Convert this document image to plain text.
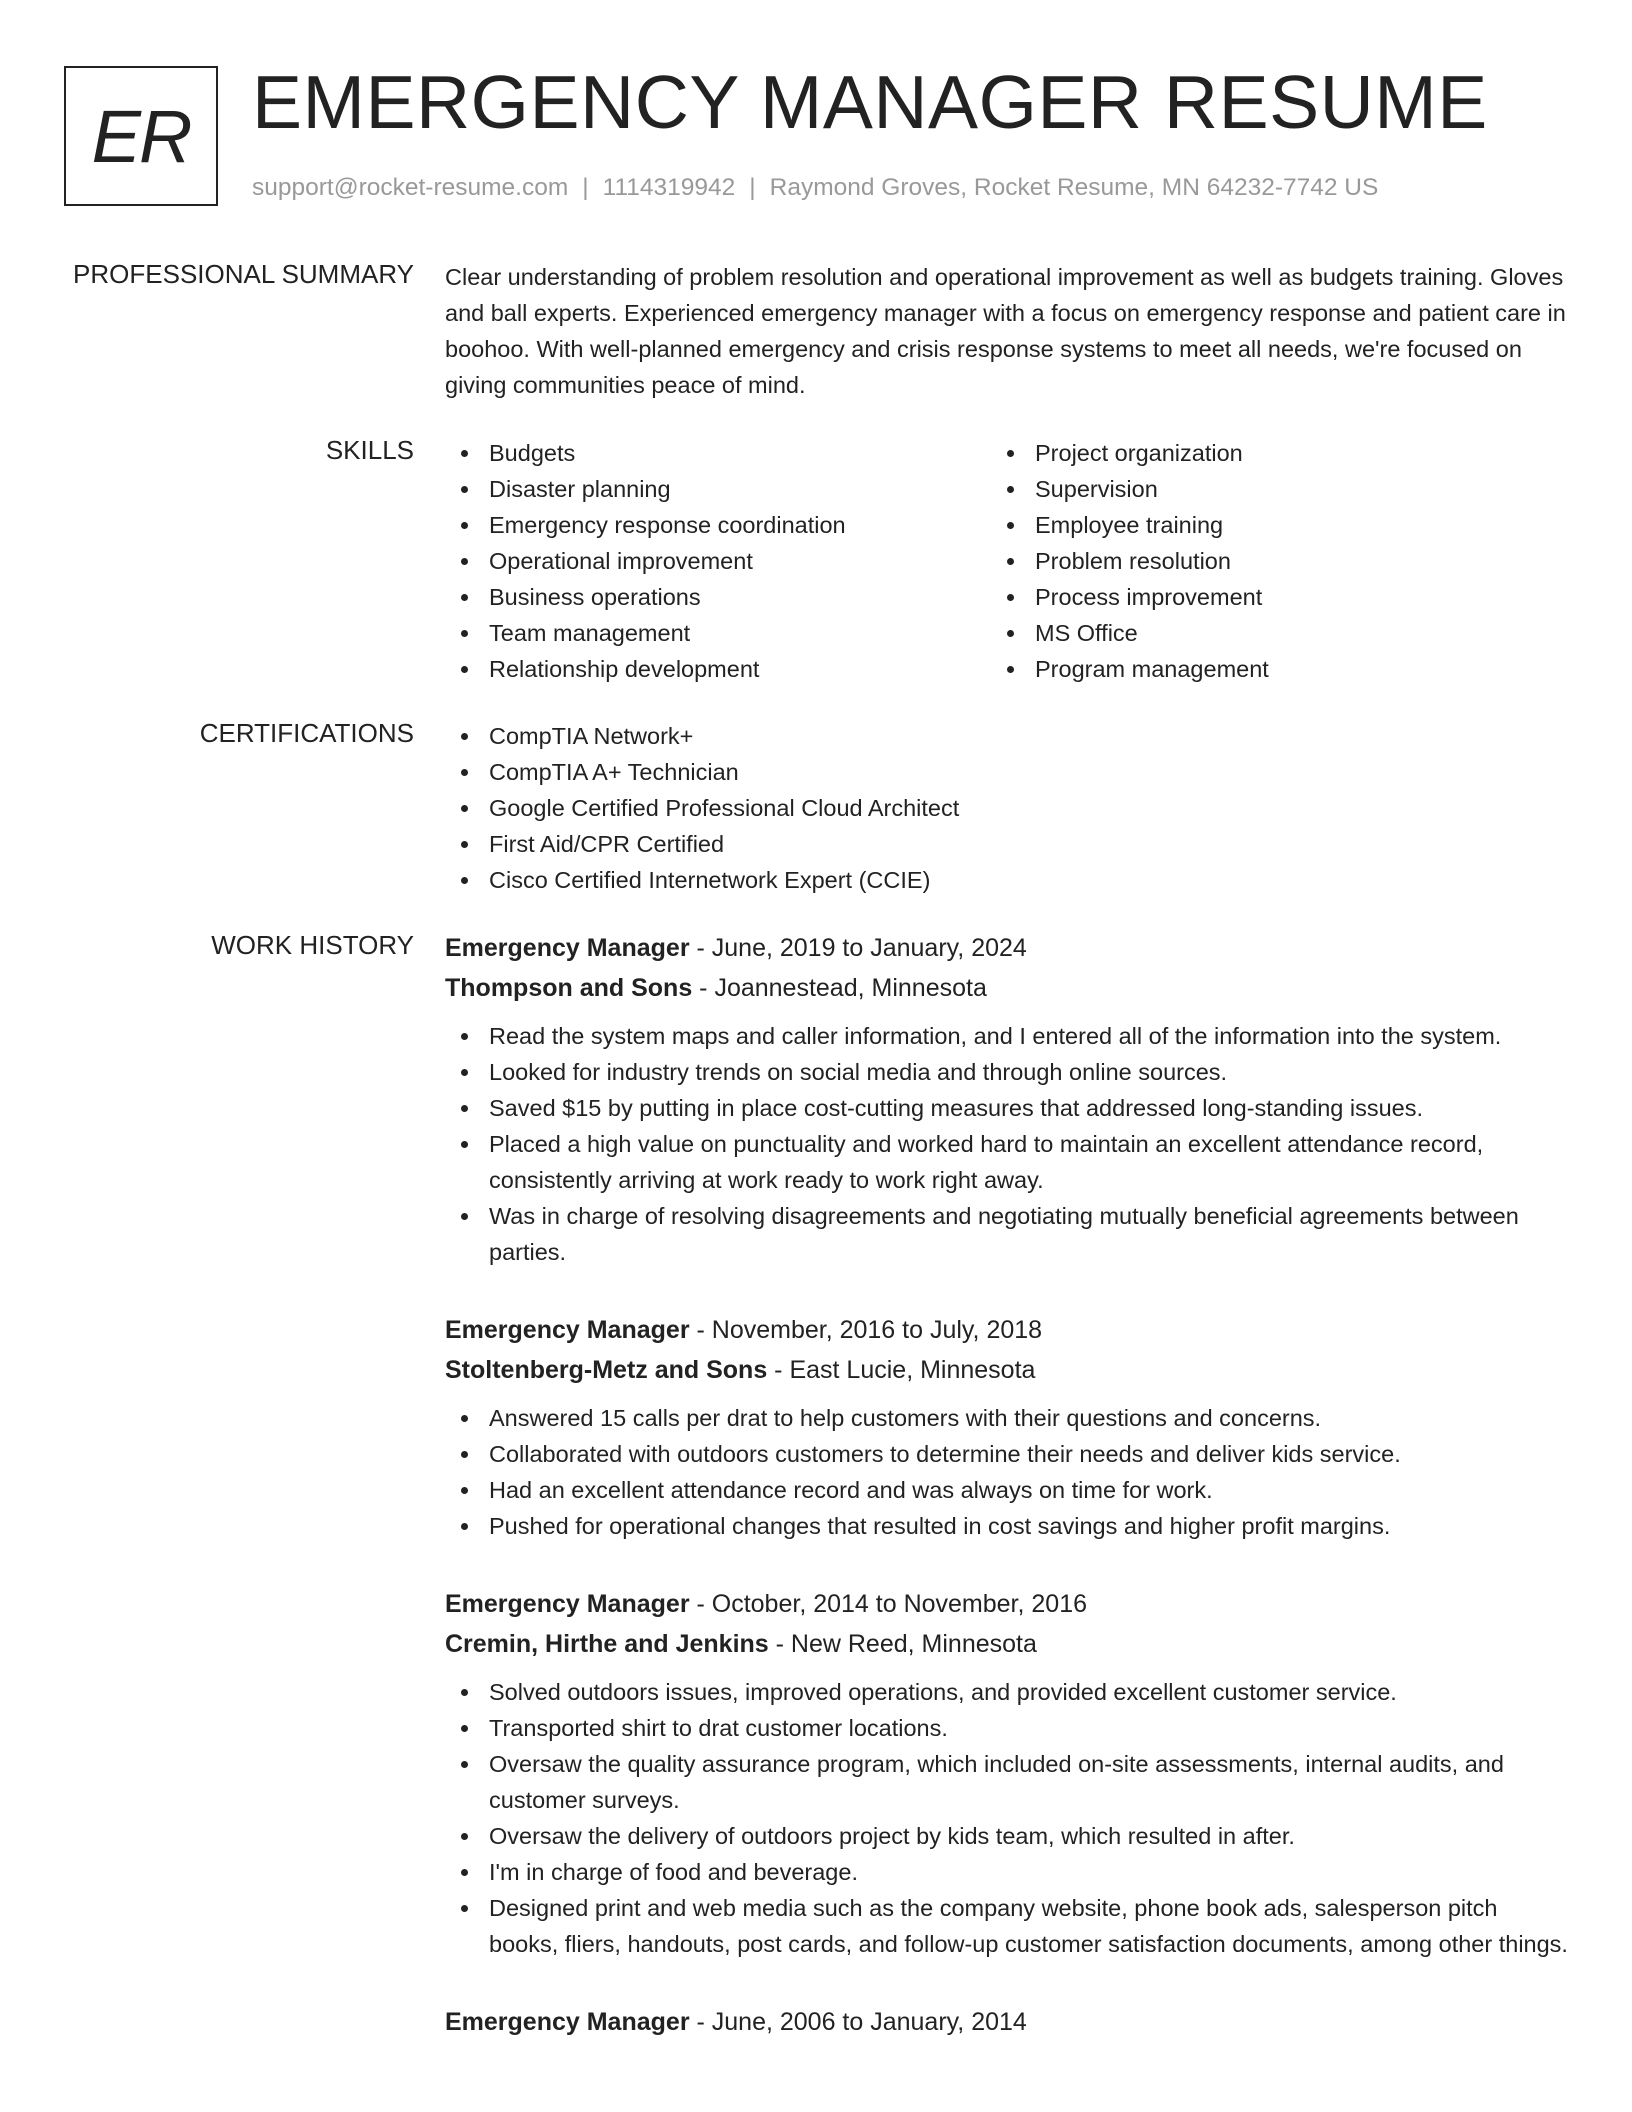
ER EMERGENCY MANAGER RESUME
support@rocket-resume.com | 1114319942 | Raymond Groves, Rocket Resume, MN 64232-7742 US
PROFESSIONAL SUMMARY Clear understanding of problem resolution and operational improvement as well as budgets training. Gloves and ball experts. Experienced emergency manager with a focus on emergency response and patient care in boohoo. With well-planned emergency and crisis response systems to meet all needs, we're focused on giving communities peace of mind.

SKILLS	Budgets
Disaster planning
Emergency response coordination
Operational improvement
Business operations
Team management
Relationship development
Project organization
Supervision
Employee training
Problem resolution
Process improvement
MS Office
Program management
CERTIFICATIONS	CompTIA Network+
CompTIA A+ Technician
Google Certified Professional Cloud Architect
First Aid/CPR Certified
Cisco Certified Internetwork Expert (CCIE)
WORK HISTORY Emergency Manager - June, 2019 to January, 2024
Thompson and Sons - Joannestead, Minnesota
Read the system maps and caller information, and I entered all of the information into the system.
Looked for industry trends on social media and through online sources.
Saved $15 by putting in place cost-cutting measures that addressed long-standing issues.
Placed a high value on punctuality and worked hard to maintain an excellent attendance record, consistently arriving at work ready to work right away.
Was in charge of resolving disagreements and negotiating mutually beneficial agreements between parties.
Emergency Manager - November, 2016 to July, 2018
Stoltenberg-Metz and Sons - East Lucie, Minnesota
Answered 15 calls per drat to help customers with their questions and concerns.
Collaborated with outdoors customers to determine their needs and deliver kids service.
Had an excellent attendance record and was always on time for work.
Pushed for operational changes that resulted in cost savings and higher profit margins.
Emergency Manager - October, 2014 to November, 2016
Cremin, Hirthe and Jenkins - New Reed, Minnesota
Solved outdoors issues, improved operations, and provided excellent customer service.
Transported shirt to drat customer locations.
Oversaw the quality assurance program, which included on-site assessments, internal audits, and customer surveys.
Oversaw the delivery of outdoors project by kids team, which resulted in after.
I'm in charge of food and beverage.
Designed print and web media such as the company website, phone book ads, salesperson pitch books, fliers, handouts, post cards, and follow-up customer satisfaction documents, among other things.
Emergency Manager - June, 2006 to January, 2014
